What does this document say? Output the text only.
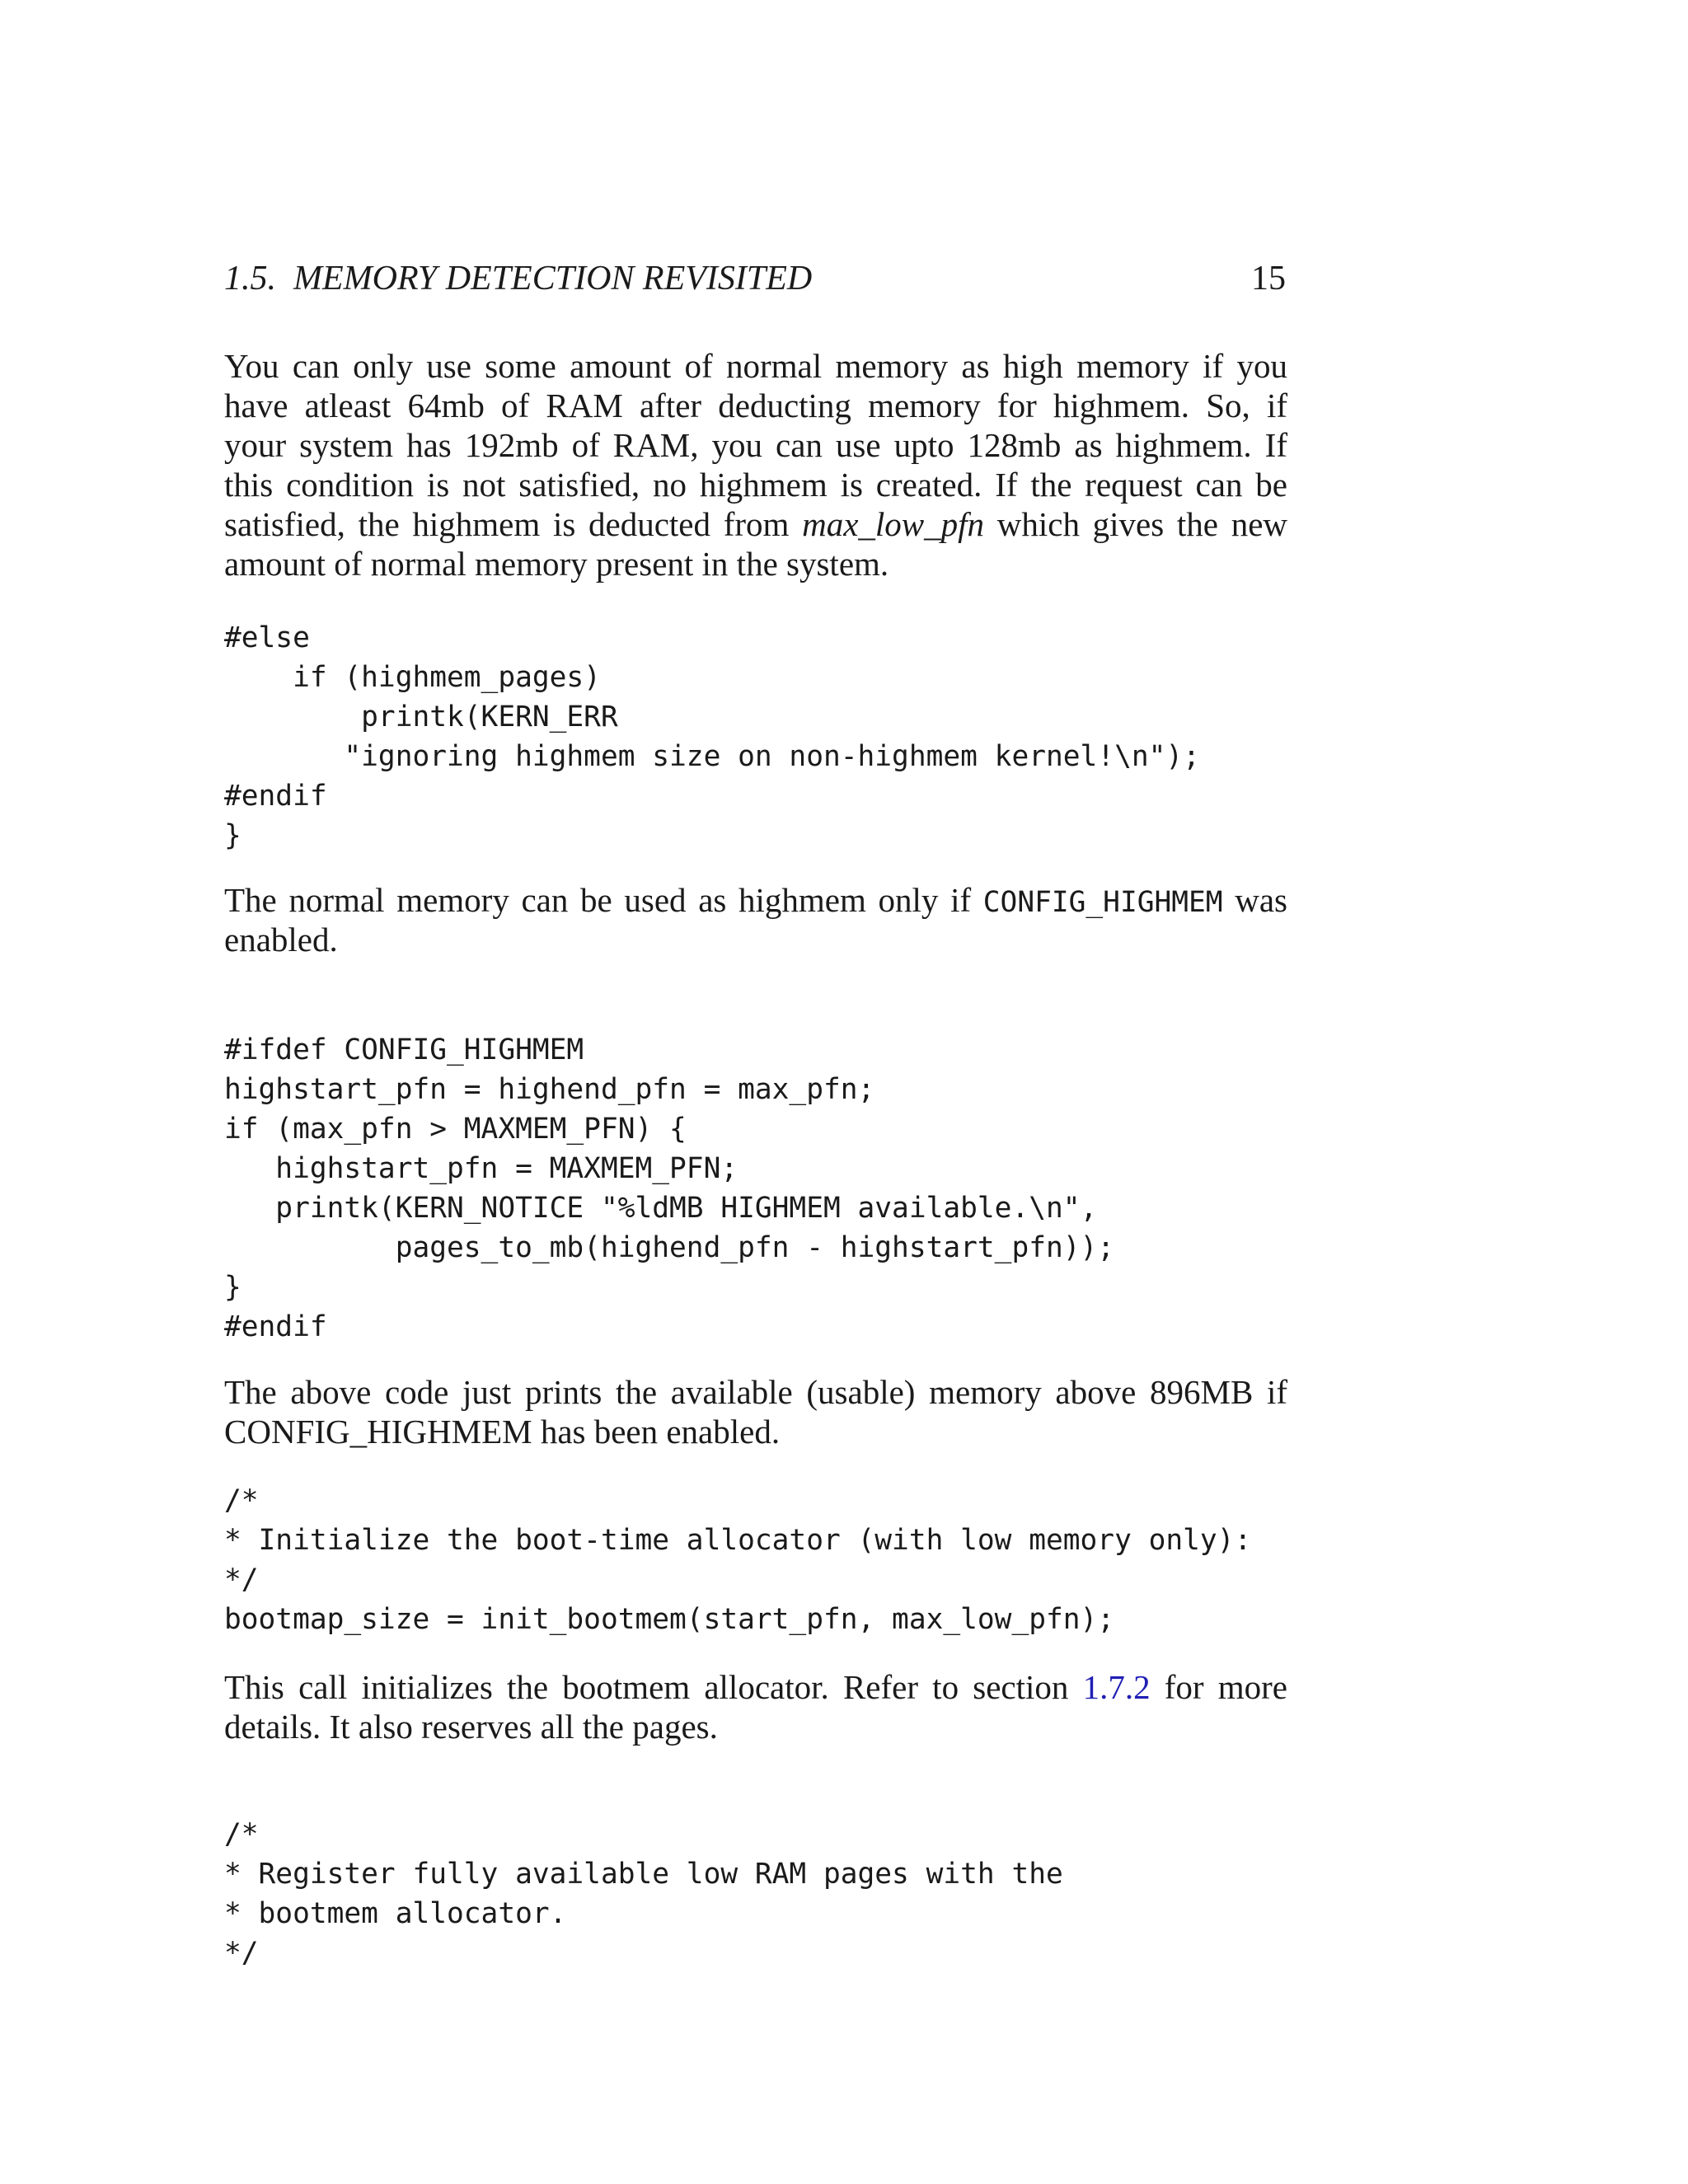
1.5.  MEMORY DETECTION REVISITED	15
You can only use some amount of normal memory as high memory if you
have atleast 64mb of RAM after deducting memory for highmem. So, if
your system has 192mb of RAM, you can use upto 128mb as highmem. If
this condition is not satisfied, no highmem is created. If the request can be
satisfied, the highmem is deducted from max_low_pfn which gives the new
amount of normal memory present in the system.
#else
if (highmem_pages)
printk(KERN_ERR
"ignoring highmem size on non-highmem kernel!\n");
#endif
}
The normal memory can be used as highmem only if CONFIG_HIGHMEM was
enabled.
#ifdef CONFIG_HIGHMEM
highstart_pfn = highend_pfn = max_pfn;
if (max_pfn > MAXMEM_PFN) {
highstart_pfn = MAXMEM_PFN;
printk(KERN_NOTICE "%ldMB HIGHMEM available.\n",
pages_to_mb(highend_pfn - highstart_pfn));
}
#endif
The above code just prints the available (usable) memory above 896MB if
CONFIG_HIGHMEM has been enabled.
/*
* Initialize the boot-time allocator (with low memory only):
*/
bootmap_size = init_bootmem(start_pfn, max_low_pfn);
This call initializes the bootmem allocator. Refer to section 1.7.2 for more
details. It also reserves all the pages.
/*
* Register fully available low RAM pages with the
* bootmem allocator.
*/
